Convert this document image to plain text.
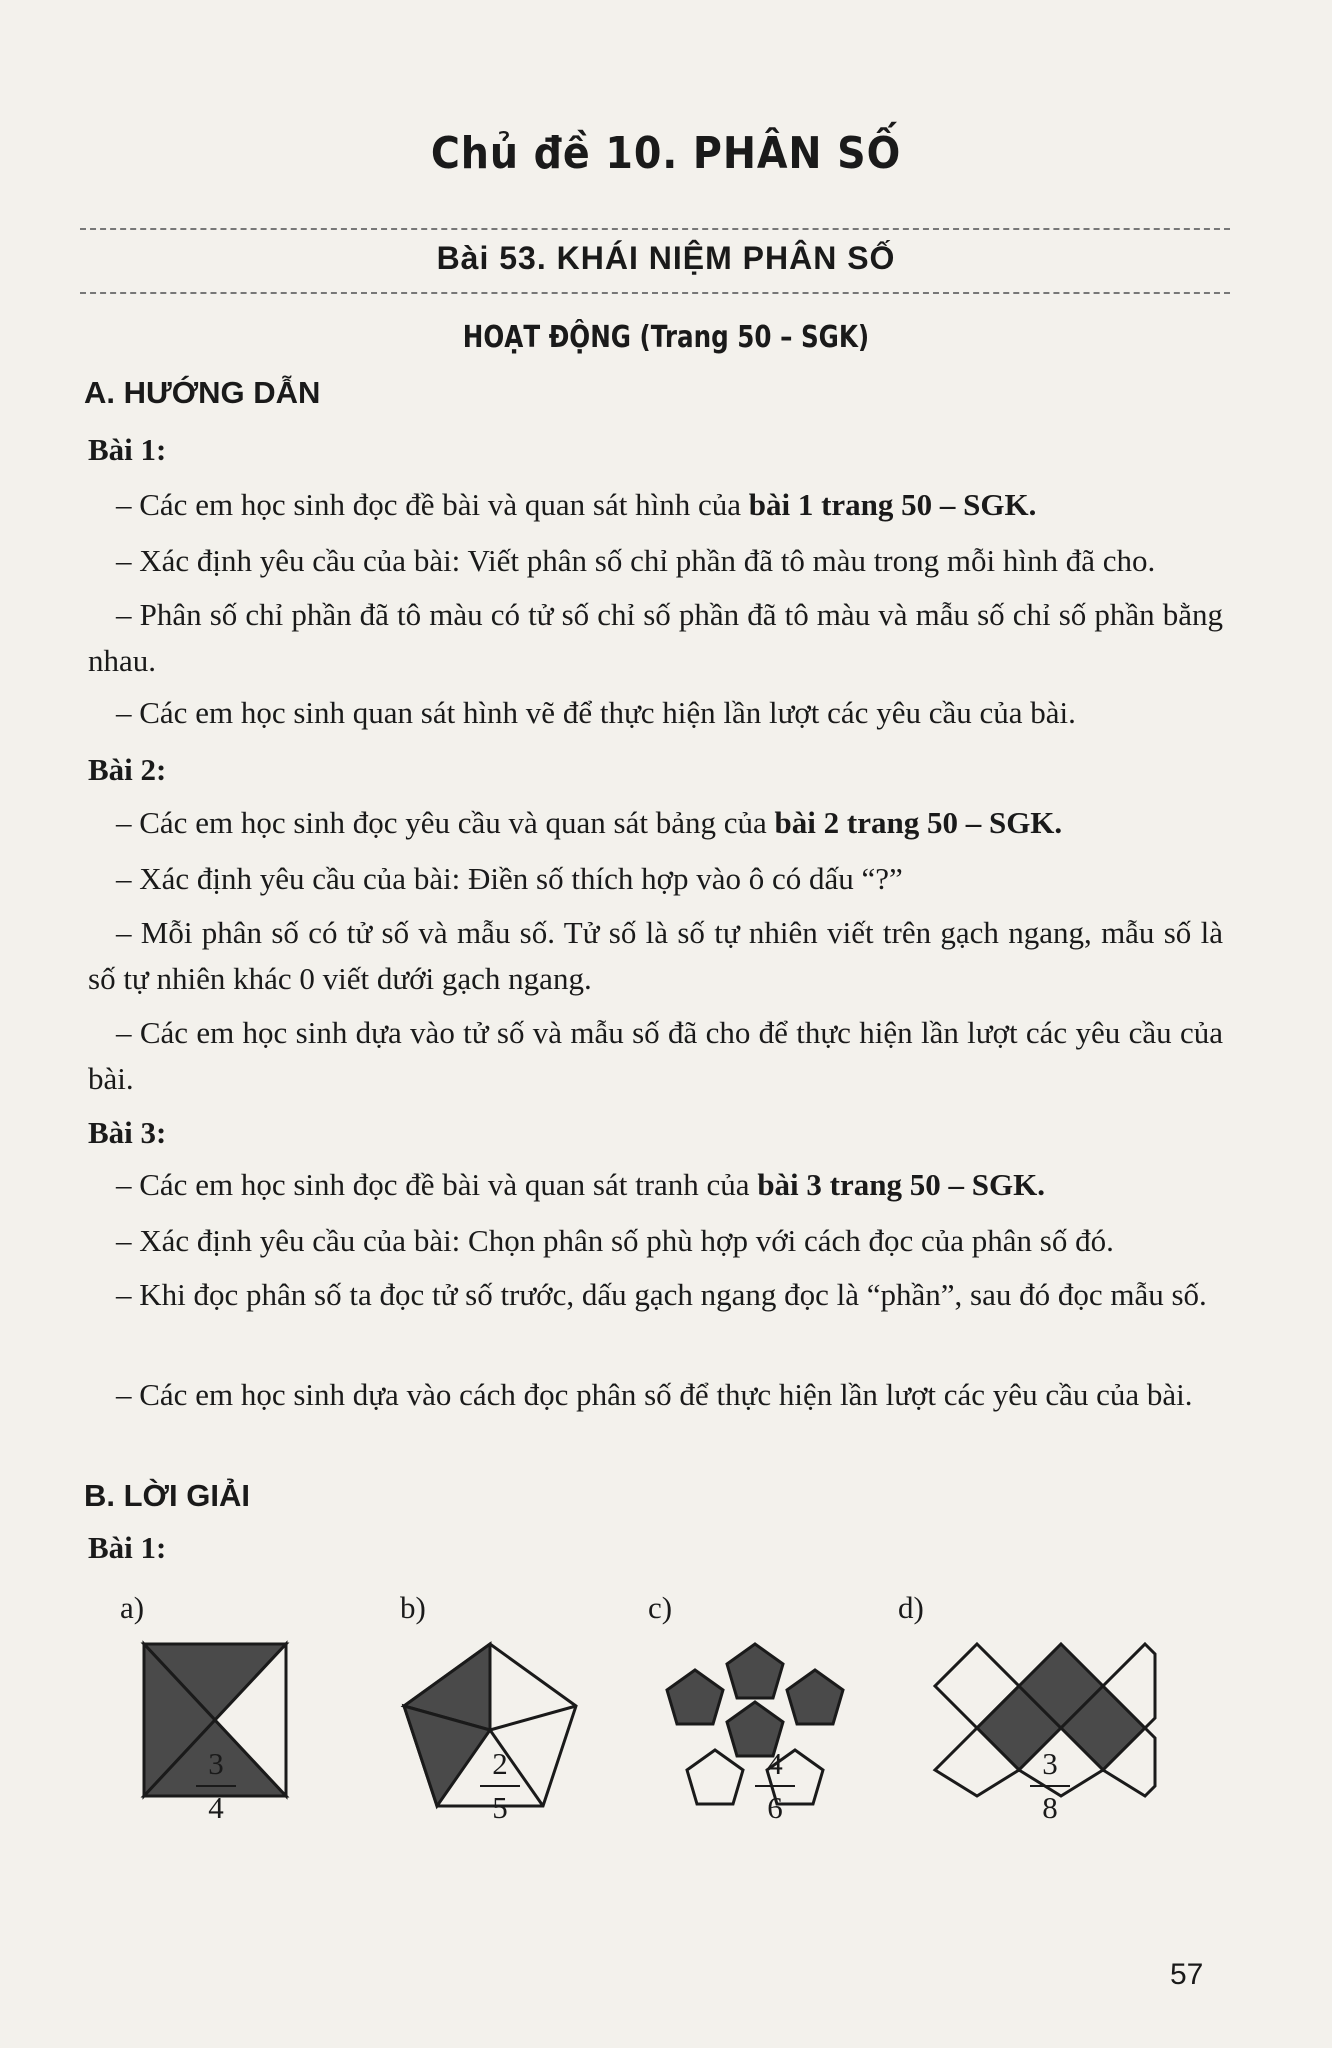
Chủ đề 10. PHÂN SỐ
Bài 53. KHÁI NIỆM PHÂN SỐ
HOẠT ĐỘNG (Trang 50 – SGK)
A. HƯỚNG DẪN
Bài 1:
– Các em học sinh đọc đề bài và quan sát hình của bài 1 trang 50 – SGK.
– Xác định yêu cầu của bài: Viết phân số chỉ phần đã tô màu trong mỗi hình đã cho.
– Phân số chỉ phần đã tô màu có tử số chỉ số phần đã tô màu và mẫu số chỉ số phần bằng nhau.
– Các em học sinh quan sát hình vẽ để thực hiện lần lượt các yêu cầu của bài.
Bài 2:
– Các em học sinh đọc yêu cầu và quan sát bảng của bài 2 trang 50 – SGK.
– Xác định yêu cầu của bài: Điền số thích hợp vào ô có dấu “?”
– Mỗi phân số có tử số và mẫu số. Tử số là số tự nhiên viết trên gạch ngang, mẫu số là số tự nhiên khác 0 viết dưới gạch ngang.
– Các em học sinh dựa vào tử số và mẫu số đã cho để thực hiện lần lượt các yêu cầu của bài.
Bài 3:
– Các em học sinh đọc đề bài và quan sát tranh của bài 3 trang 50 – SGK.
– Xác định yêu cầu của bài: Chọn phân số phù hợp với cách đọc của phân số đó.
– Khi đọc phân số ta đọc tử số trước, dấu gạch ngang đọc là “phần”, sau đó đọc mẫu số.
– Các em học sinh dựa vào cách đọc phân số để thực hiện lần lượt các yêu cầu của bài.
B. LỜI GIẢI
Bài 1:
a)	b)	c)	d)
3
4
2
5
4
6
3
8
57
